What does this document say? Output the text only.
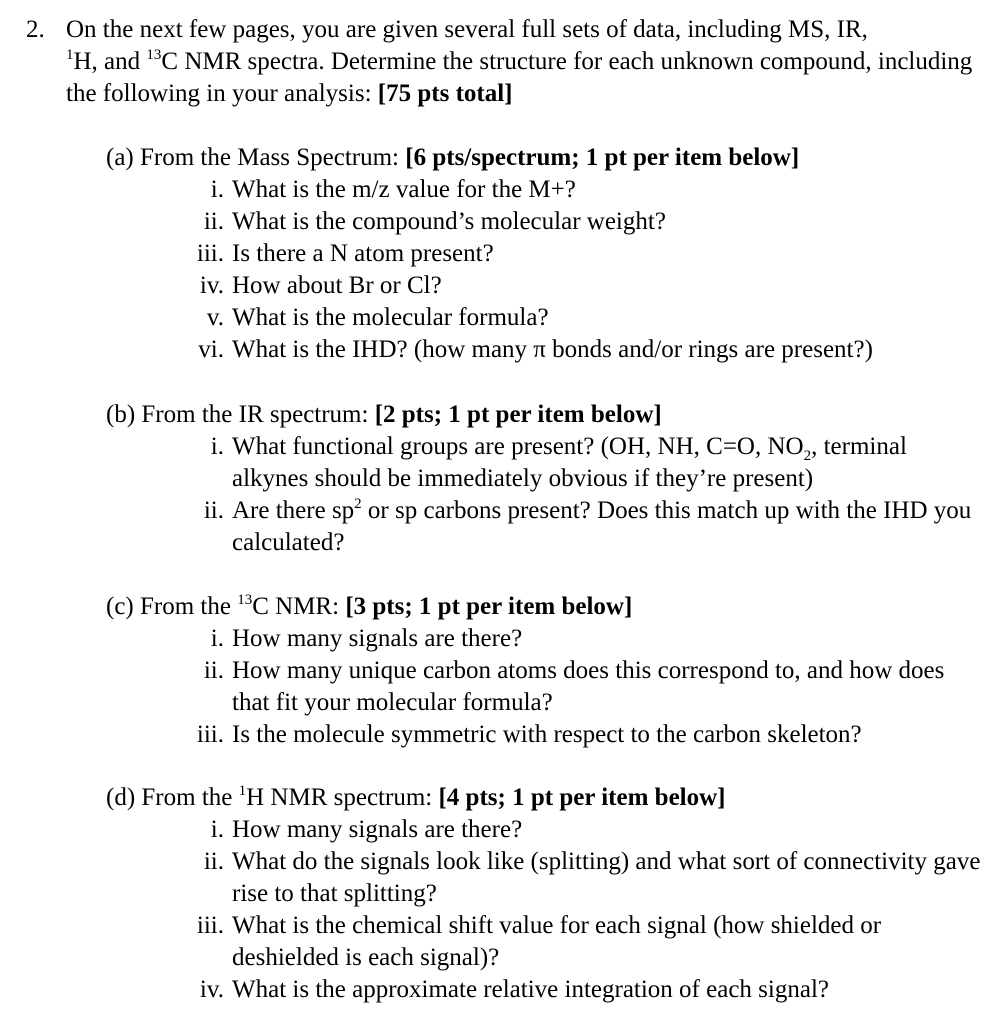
2. On the next few pages, you are given several full sets of data, including MS, IR,
$^1$H, and $^{13}$C NMR spectra. Determine the structure for each unknown compound, including the following in your analysis: [75 pts total]
(a) From the Mass Spectrum: [6 pts/spectrum; 1 pt per item below]
i. What is the m/z value for the M+?
ii. What is the compound’s molecular weight?
iii. Is there a N atom present?
iv. How about Br or Cl?
v. What is the molecular formula?
vi. What is the IHD? (how many π bonds and/or rings are present?)
(b) From the IR spectrum: [2 pts; 1 pt per item below]
i. What functional groups are present? (OH, NH, C=O, $NO_2$, terminal alkynes should be immediately obvious if they’re present)
ii. Are there $sp^2$ or sp carbons present? Does this match up with the IHD you calculated?
(c) From the $^{13}$C NMR: [3 pts; 1 pt per item below]
i. How many signals are there?
ii. How many unique carbon atoms does this correspond to, and how does that fit your molecular formula?
iii. Is the molecule symmetric with respect to the carbon skeleton?
(d) From the $^1$H NMR spectrum: [4 pts; 1 pt per item below]
i. How many signals are there?
ii. What do the signals look like (splitting) and what sort of connectivity gave rise to that splitting?
iii. What is the chemical shift value for each signal (how shielded or deshielded is each signal)?
iv. What is the approximate relative integration of each signal?
